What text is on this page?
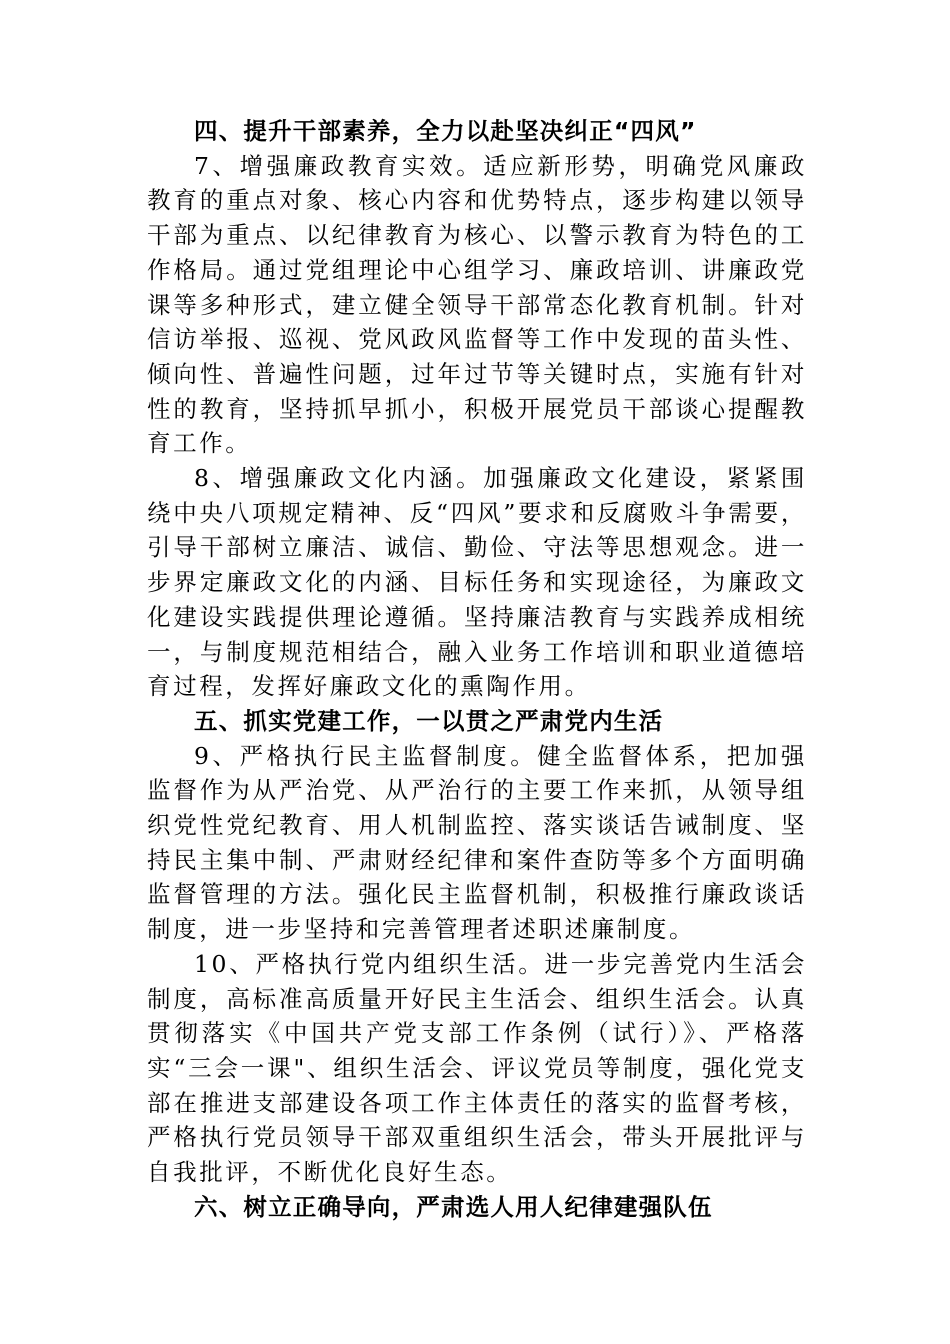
四、提升干部素养，全力以赴坚决纠正“四风”

7、增强廉政教育实效。适应新形势，明确党风廉政教育的重点对象、核心内容和优势特点，逐步构建以领导干部为重点、以纪律教育为核心、以警示教育为特色的工作格局。通过党组理论中心组学习、廉政培训、讲廉政党课等多种形式，建立健全领导干部常态化教育机制。针对信访举报、巡视、党风政风监督等工作中发现的苗头性、倾向性、普遍性问题，过年过节等关键时点，实施有针对性的教育，坚持抓早抓小，积极开展党员干部谈心提醒教育工作。

8、增强廉政文化内涵。加强廉政文化建设，紧紧围绕中央八项规定精神、反“四风”要求和反腐败斗争需要，引导干部树立廉洁、诚信、勤俭、守法等思想观念。进一步界定廉政文化的内涵、目标任务和实现途径，为廉政文化建设实践提供理论遵循。坚持廉洁教育与实践养成相统一，与制度规范相结合，融入业务工作培训和职业道德培育过程，发挥好廉政文化的熏陶作用。

五、抓实党建工作，一以贯之严肃党内生活

9、严格执行民主监督制度。健全监督体系，把加强监督作为从严治党、从严治行的主要工作来抓，从领导组织党性党纪教育、用人机制监控、落实谈话告诫制度、坚持民主集中制、严肃财经纪律和案件查防等多个方面明确监督管理的方法。强化民主监督机制，积极推行廉政谈话制度，进一步坚持和完善管理者述职述廉制度。

10、严格执行党内组织生活。进一步完善党内生活会制度，高标准高质量开好民主生活会、组织生活会。认真贯彻落实《中国共产党支部工作条例（试行）》、严格落实“三会一课"、组织生活会、评议党员等制度，强化党支部在推进支部建设各项工作主体责任的落实的监督考核，严格执行党员领导干部双重组织生活会，带头开展批评与自我批评，不断优化良好生态。

六、树立正确导向，严肃选人用人纪律建强队伍
